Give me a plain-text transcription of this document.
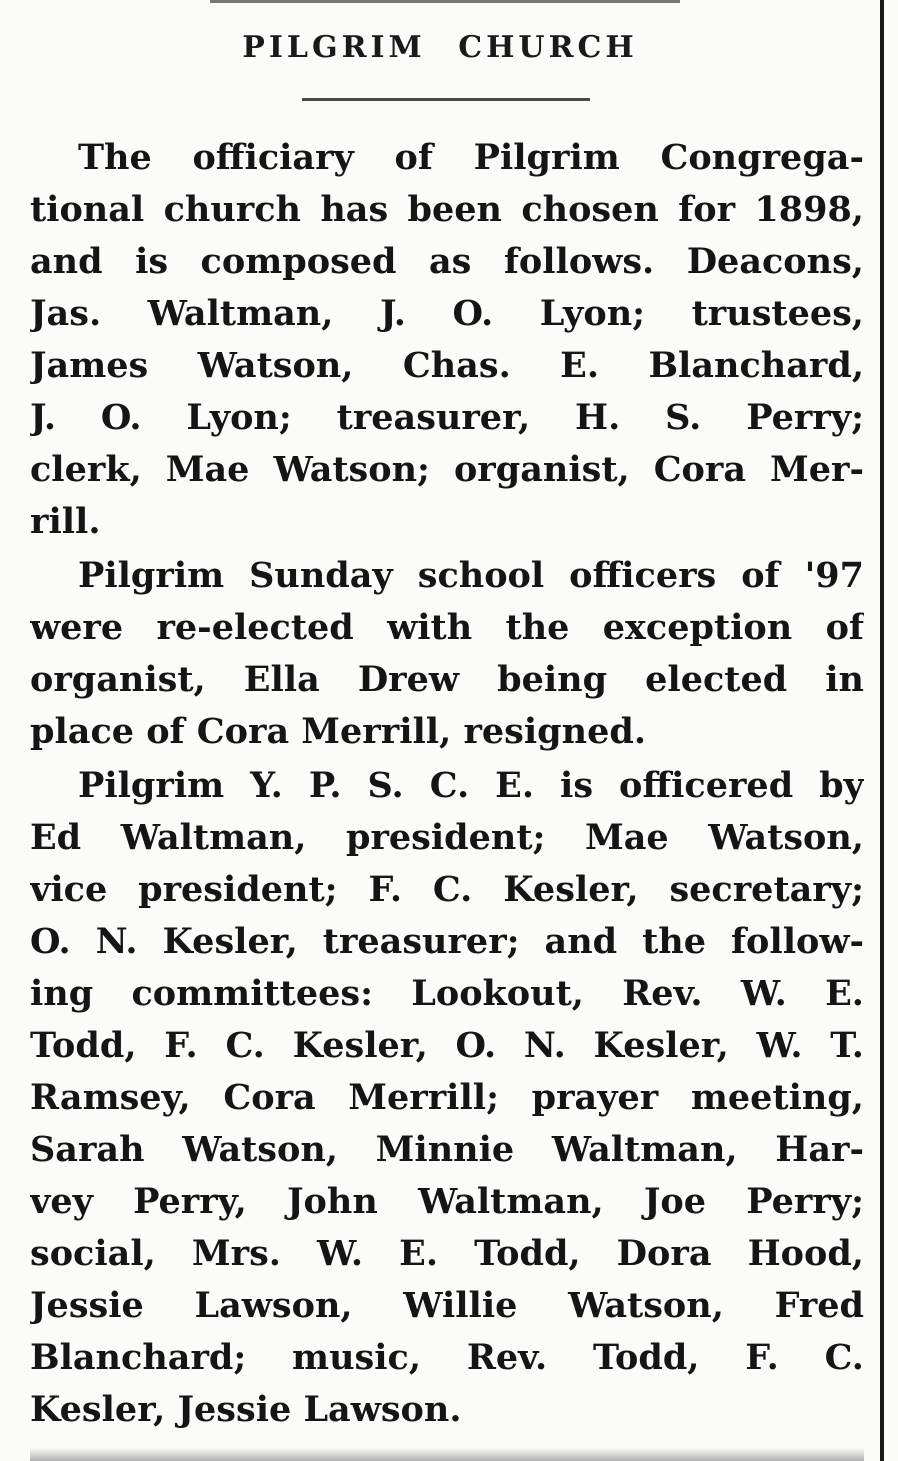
PILGRIM CHURCH
The officiary of Pilgrim Congrega-
tional church has been chosen for 1898,
and is composed as follows. Deacons,
Jas. Waltman, J. O. Lyon; trustees,
James Watson, Chas. E. Blanchard,
J. O. Lyon; treasurer, H. S. Perry;
clerk, Mae Watson; organist, Cora Mer-
rill.
Pilgrim Sunday school officers of '97
were re-elected with the exception of
organist, Ella Drew being elected in
place of Cora Merrill, resigned.
Pilgrim Y. P. S. C. E. is officered by
Ed Waltman, president; Mae Watson,
vice president; F. C. Kesler, secretary;
O. N. Kesler, treasurer; and the follow-
ing committees: Lookout, Rev. W. E.
Todd, F. C. Kesler, O. N. Kesler, W. T.
Ramsey, Cora Merrill; prayer meeting,
Sarah Watson, Minnie Waltman, Har-
vey Perry, John Waltman, Joe Perry;
social, Mrs. W. E. Todd, Dora Hood,
Jessie Lawson, Willie Watson, Fred
Blanchard; music, Rev. Todd, F. C.
Kesler, Jessie Lawson.
